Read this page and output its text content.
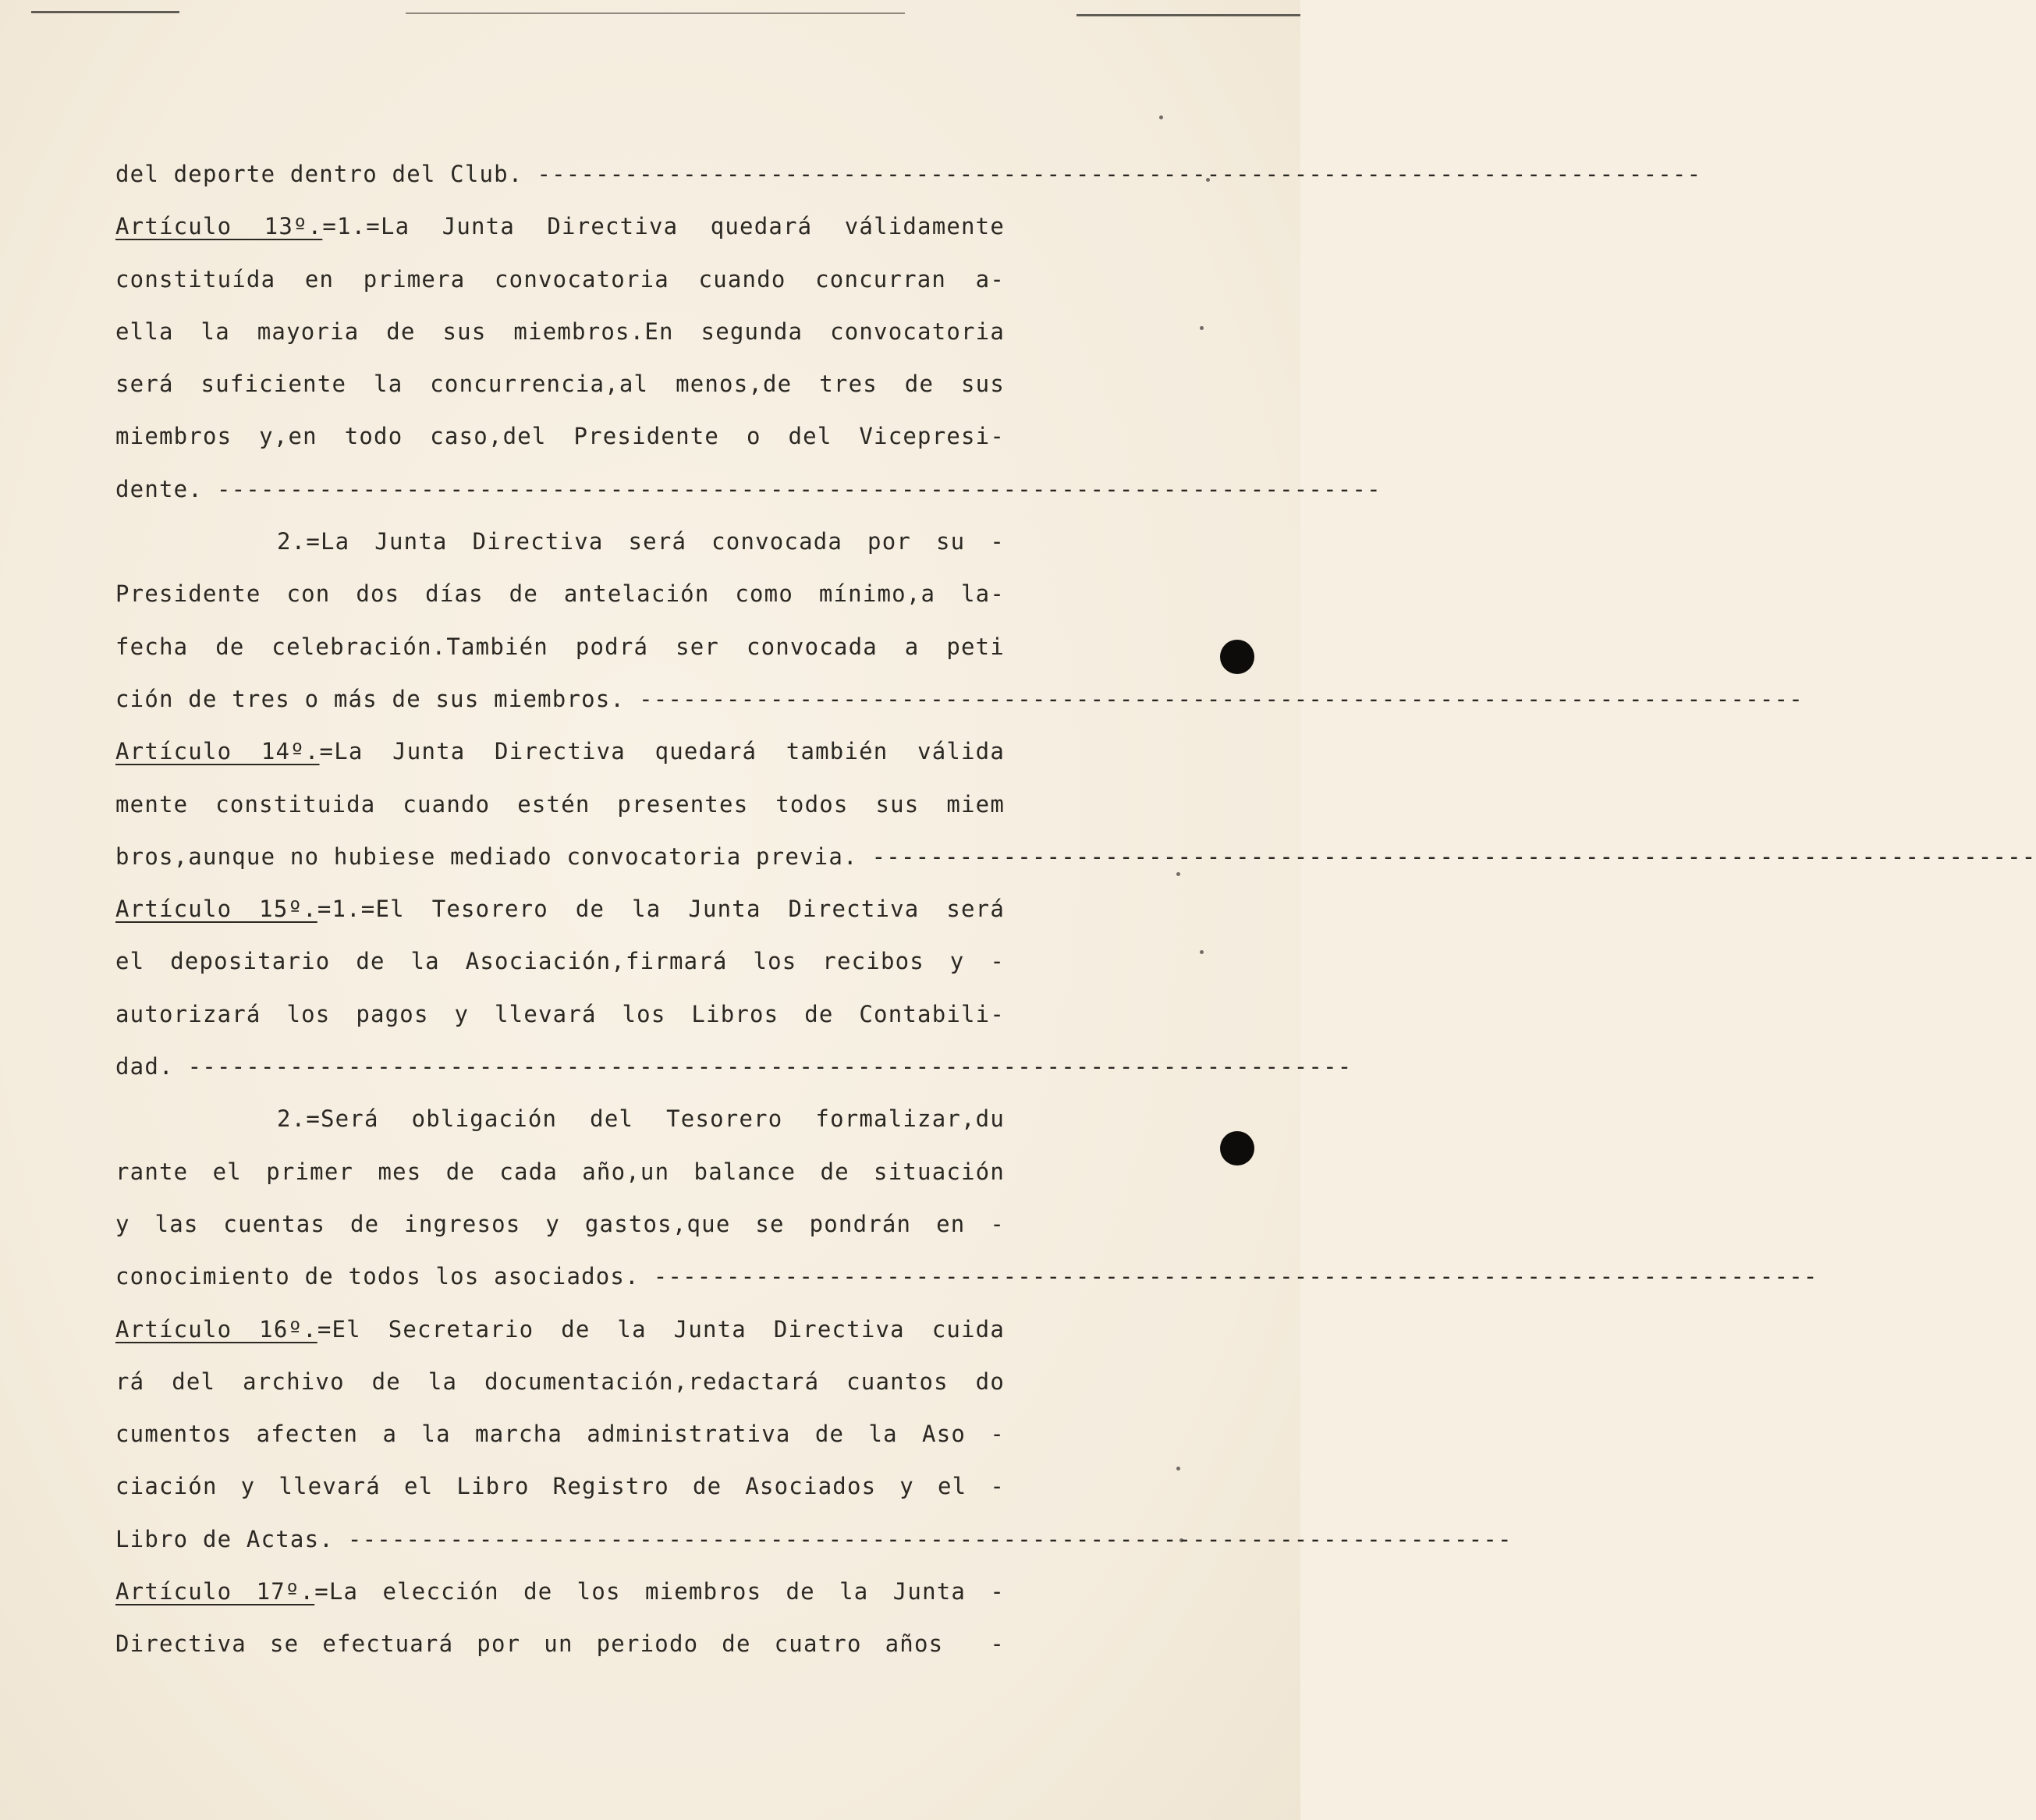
del deporte dentro del Club. --------------------------------------------------------------------------------
Artículo 13º.=1.=La Junta Directiva quedará válidamente
constituída en primera convocatoria cuando concurran a-
ella la mayoria de sus miembros.En segunda convocatoria
será suficiente la concurrencia,al menos,de tres de sus
miembros y,en todo caso,del Presidente o del Vicepresi-
dente. --------------------------------------------------------------------------------
2.=La Junta Directiva será convocada por su -
Presidente con dos días de antelación como mínimo,a la-
fecha de celebración.También podrá ser convocada a peti
ción de tres o más de sus miembros. --------------------------------------------------------------------------------
Artículo 14º.=La Junta Directiva quedará también válida
mente constituida cuando estén presentes todos sus miem
bros,aunque no hubiese mediado convocatoria previa. --------------------------------------------------------------------------------
Artículo 15º.=1.=El Tesorero de la Junta Directiva será
el depositario de la Asociación,firmará los recibos y -
autorizará los pagos y llevará los Libros de Contabili-
dad. --------------------------------------------------------------------------------
2.=Será obligación del Tesorero formalizar,du
rante el primer mes de cada año,un balance de situación
y las cuentas de ingresos y gastos,que se pondrán en -
conocimiento de todos los asociados. --------------------------------------------------------------------------------
Artículo 16º.=El Secretario de la Junta Directiva cuida
rá del archivo de la documentación,redactará cuantos do
cumentos afecten a la marcha administrativa de la Aso -
ciación y llevará el Libro Registro de Asociados y el -
Libro de Actas. --------------------------------------------------------------------------------
Artículo 17º.=La elección de los miembros de la Junta -
Directiva se efectuará por un periodo de cuatro años  -
